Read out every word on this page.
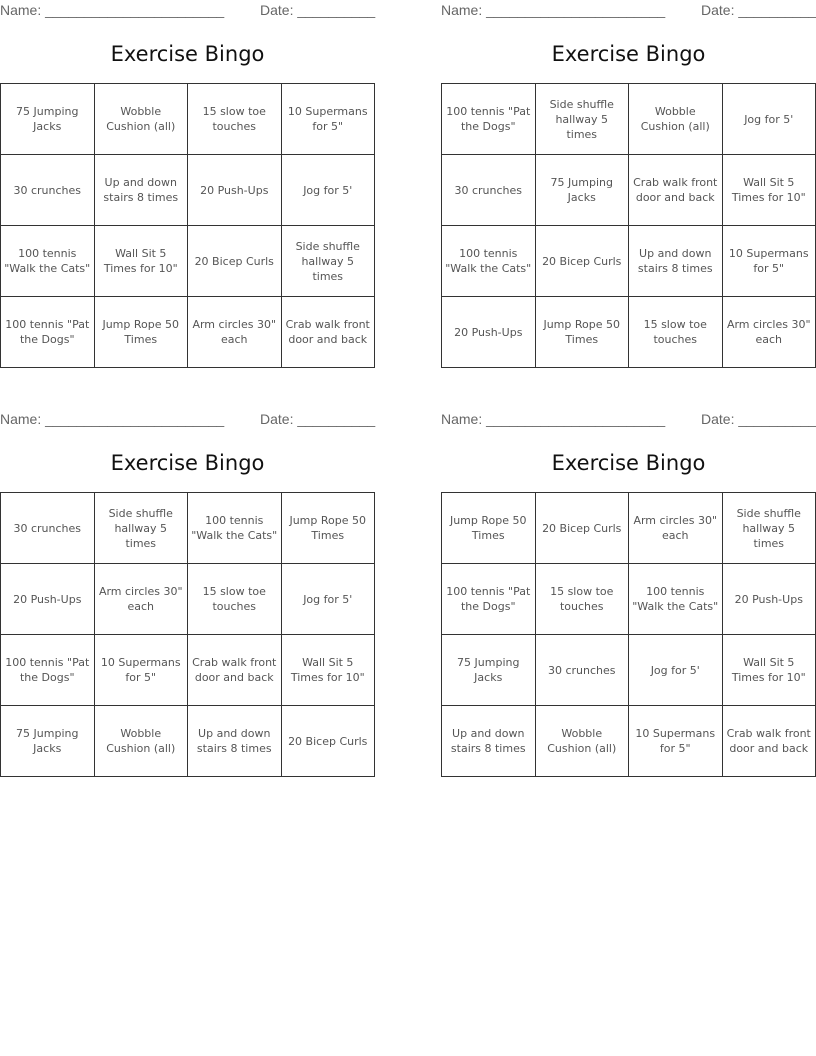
Name: _______________________	Date: __________
Exercise Bingo
75 Jumping Jacks	Wobble Cushion (all)	15 slow toe touches	10 Supermans for 5"
30 crunches	Up and down stairs 8 times	20 Push-Ups	Jog for 5'
100 tennis "Walk the Cats"	Wall Sit 5 Times for 10"	20 Bicep Curls	Side shuffle hallway 5 times
100 tennis "Pat the Dogs"	Jump Rope 50 Times	Arm circles 30" each	Crab walk front door and back
Name: _______________________	Date: __________
Exercise Bingo
100 tennis "Pat the Dogs"	Side shuffle hallway 5 times	Wobble Cushion (all)	Jog for 5'
30 crunches	75 Jumping Jacks	Crab walk front door and back	Wall Sit 5 Times for 10"
100 tennis "Walk the Cats"	20 Bicep Curls	Up and down stairs 8 times	10 Supermans for 5"
20 Push-Ups	Jump Rope 50 Times	15 slow toe touches	Arm circles 30" each
Name: _______________________	Date: __________
Exercise Bingo
30 crunches	Side shuffle hallway 5 times	100 tennis "Walk the Cats"	Jump Rope 50 Times
20 Push-Ups	Arm circles 30" each	15 slow toe touches	Jog for 5'
100 tennis "Pat the Dogs"	10 Supermans for 5"	Crab walk front door and back	Wall Sit 5 Times for 10"
75 Jumping Jacks	Wobble Cushion (all)	Up and down stairs 8 times	20 Bicep Curls
Name: _______________________	Date: __________
Exercise Bingo
Jump Rope 50 Times	20 Bicep Curls	Arm circles 30" each	Side shuffle hallway 5 times
100 tennis "Pat the Dogs"	15 slow toe touches	100 tennis "Walk the Cats"	20 Push-Ups
75 Jumping Jacks	30 crunches	Jog for 5'	Wall Sit 5 Times for 10"
Up and down stairs 8 times	Wobble Cushion (all)	10 Supermans for 5"	Crab walk front door and back
